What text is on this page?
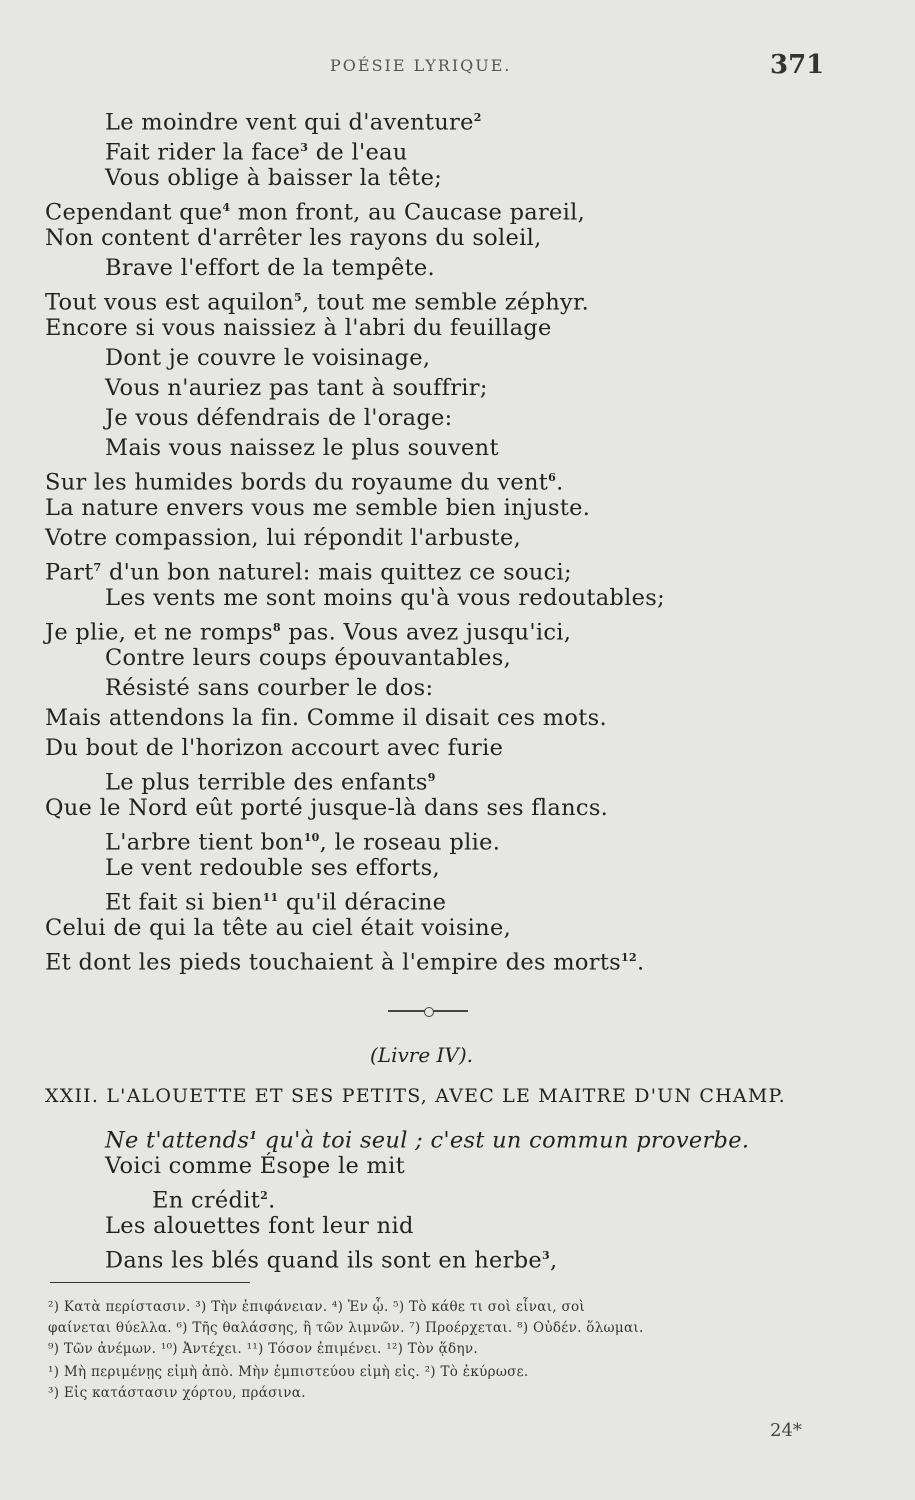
POÉSIE LYRIQUE.	371
Le moindre vent qui d'aventure$^2$
Fait rider la face$^3$ de l'eau
Vous oblige à baisser la tête;
Cependant que$^4$ mon front, au Caucase pareil,
Non content d'arrêter les rayons du soleil,
Brave l'effort de la tempête.
Tout vous est aquilon$^5$, tout me semble zéphyr.
Encore si vous naissiez à l'abri du feuillage
Dont je couvre le voisinage,
Vous n'auriez pas tant à souffrir;
Je vous défendrais de l'orage:
Mais vous naissez le plus souvent
Sur les humides bords du royaume du vent$^6$.
La nature envers vous me semble bien injuste.
Votre compassion, lui répondit l'arbuste,
Part$^7$ d'un bon naturel: mais quittez ce souci;
Les vents me sont moins qu'à vous redoutables;
Je plie, et ne romps$^8$ pas. Vous avez jusqu'ici,
Contre leurs coups épouvantables,
Résisté sans courber le dos:
Mais attendons la fin. Comme il disait ces mots.
Du bout de l'horizon accourt avec furie
Le plus terrible des enfants$^9$
Que le Nord eût porté jusque-là dans ses flancs.
L'arbre tient bon$^{10}$, le roseau plie.
Le vent redouble ses efforts,
Et fait si bien$^{11}$ qu'il déracine
Celui de qui la tête au ciel était voisine,
Et dont les pieds touchaient à l'empire des morts$^{12}$.
(Livre IV).
XXII. L'ALOUETTE ET SES PETITS, AVEC LE MAITRE D'UN CHAMP.
Ne t'attends$^1$ qu'à toi seul ; c'est un commun proverbe.
Voici comme Ésope le mit
En crédit$^2$.
Les alouettes font leur nid
Dans les blés quand ils sont en herbe$^3$,
²) Κατὰ περίστασιν. ³) Τὴν ἐπιφάνειαν. ⁴) Ἐν ᾧ. ⁵) Τὸ κάθε τι σοὶ εἶναι, σοὶ
φαίνεται θύελλα. ⁶) Τῆς θαλάσσης, ἢ τῶν λιμνῶν. ⁷) Προέρχεται. ⁸) Οὐδέν. ὅλωμαι.
⁹) Τῶν ἀνέμων. ¹⁰) Ἀντέχει. ¹¹) Τόσον ἐπιμένει. ¹²) Τὸν ᾅδην.
¹) Μὴ περιμένῃς εἰμὴ ἀπὸ. Μὴν ἐμπιστεύου εἰμὴ εἰς. ²) Τὸ ἐκύρωσε.
³) Εἰς κατάστασιν χόρτου, πράσινα.
24*
